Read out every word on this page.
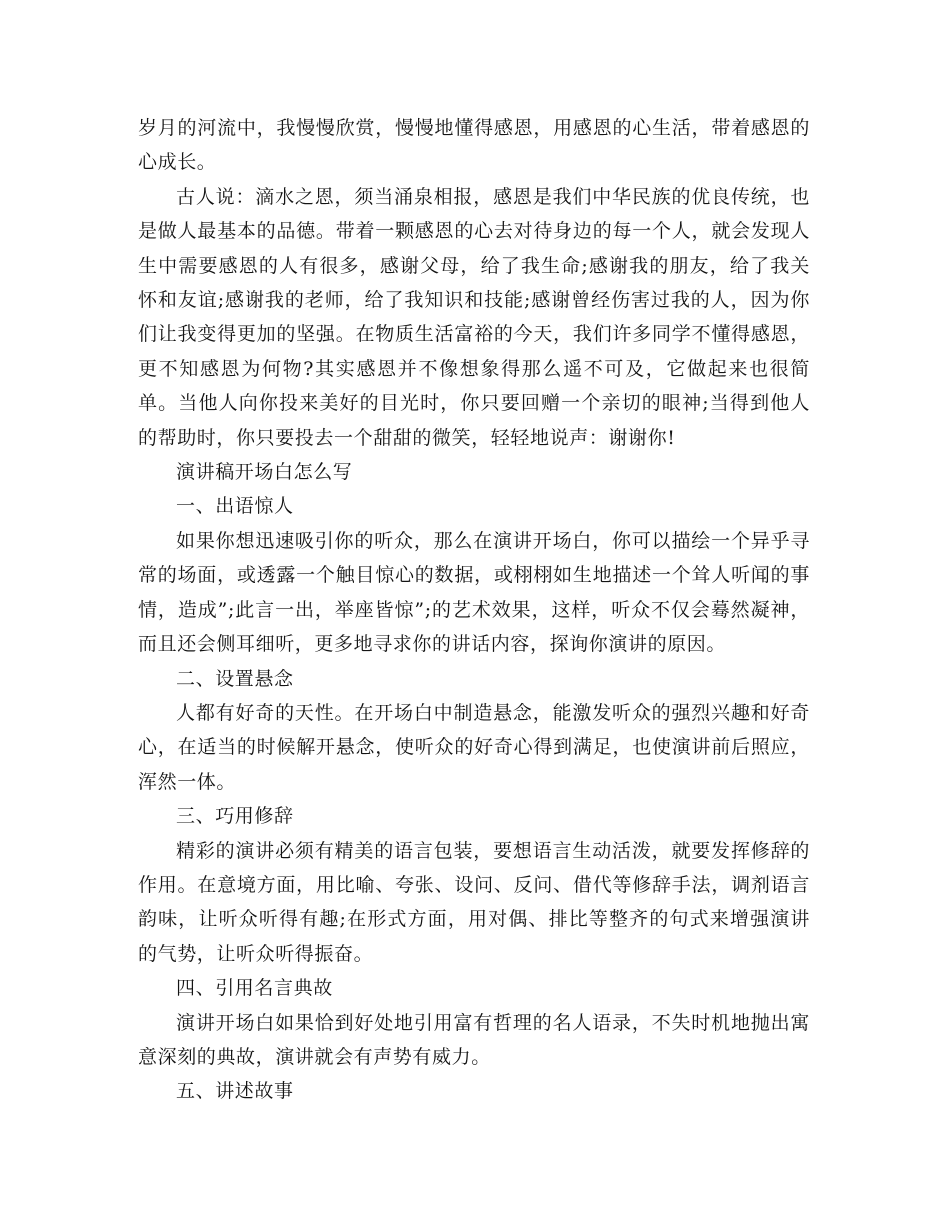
岁月的河流中，我慢慢欣赏，慢慢地懂得感恩，用感恩的心生活，带着感恩的心成长。

古人说：滴水之恩，须当涌泉相报，感恩是我们中华民族的优良传统，也是做人最基本的品德。带着一颗感恩的心去对待身边的每一个人，就会发现人生中需要感恩的人有很多，感谢父母，给了我生命;感谢我的朋友，给了我关怀和友谊;感谢我的老师，给了我知识和技能;感谢曾经伤害过我的人，因为你们让我变得更加的坚强。在物质生活富裕的今天，我们许多同学不懂得感恩，更不知感恩为何物?其实感恩并不像想象得那么遥不可及，它做起来也很简单。当他人向你投来美好的目光时，你只要回赠一个亲切的眼神;当得到他人的帮助时，你只要投去一个甜甜的微笑，轻轻地说声：谢谢你!

演讲稿开场白怎么写

一、出语惊人

如果你想迅速吸引你的听众，那么在演讲开场白，你可以描绘一个异乎寻常的场面，或透露一个触目惊心的数据，或栩栩如生地描述一个耸人听闻的事情，造成”;此言一出，举座皆惊”;的艺术效果，这样，听众不仅会蓦然凝神，而且还会侧耳细听，更多地寻求你的讲话内容，探询你演讲的原因。

二、设置悬念

人都有好奇的天性。在开场白中制造悬念，能激发听众的强烈兴趣和好奇心，在适当的时候解开悬念，使听众的好奇心得到满足，也使演讲前后照应，浑然一体。

三、巧用修辞

精彩的演讲必须有精美的语言包装，要想语言生动活泼，就要发挥修辞的作用。在意境方面，用比喻、夸张、设问、反问、借代等修辞手法，调剂语言韵味，让听众听得有趣;在形式方面，用对偶、排比等整齐的句式来增强演讲的气势，让听众听得振奋。

四、引用名言典故

演讲开场白如果恰到好处地引用富有哲理的名人语录，不失时机地抛出寓意深刻的典故，演讲就会有声势有威力。

五、讲述故事
